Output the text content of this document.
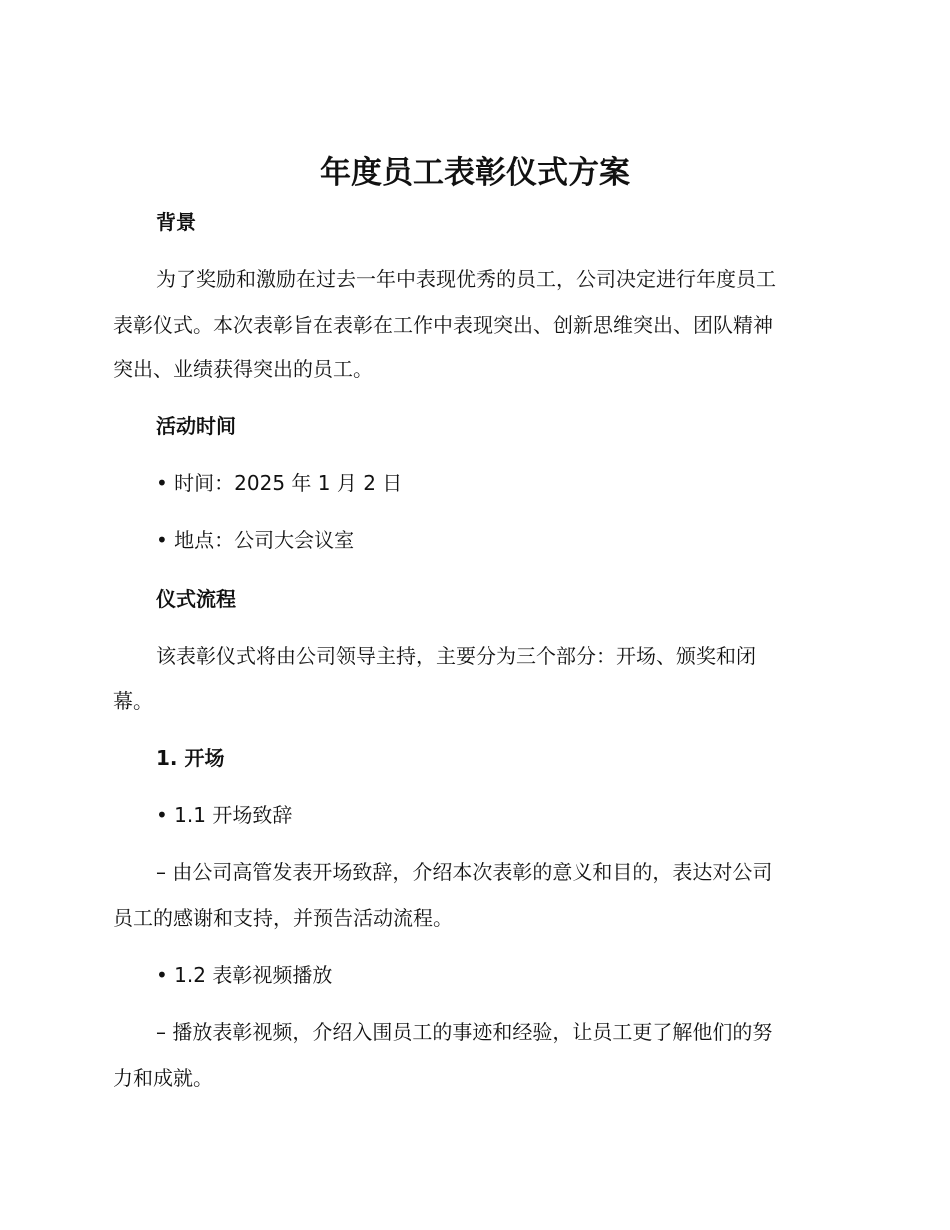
年度员工表彰仪式方案
背景

为了奖励和激励在过去一年中表现优秀的员工，公司决定进行年度员工

表彰仪式。本次表彰旨在表彰在工作中表现突出、创新思维突出、团队精神

突出、业绩获得突出的员工。

活动时间

• 时间：2025 年 1 月 2 日

• 地点：公司大会议室

仪式流程

该表彰仪式将由公司领导主持，主要分为三个部分：开场、颁奖和闭

幕。

1. 开场

• 1.1 开场致辞

– 由公司高管发表开场致辞，介绍本次表彰的意义和目的，表达对公司

员工的感谢和支持，并预告活动流程。

• 1.2 表彰视频播放

– 播放表彰视频，介绍入围员工的事迹和经验，让员工更了解他们的努

力和成就。
